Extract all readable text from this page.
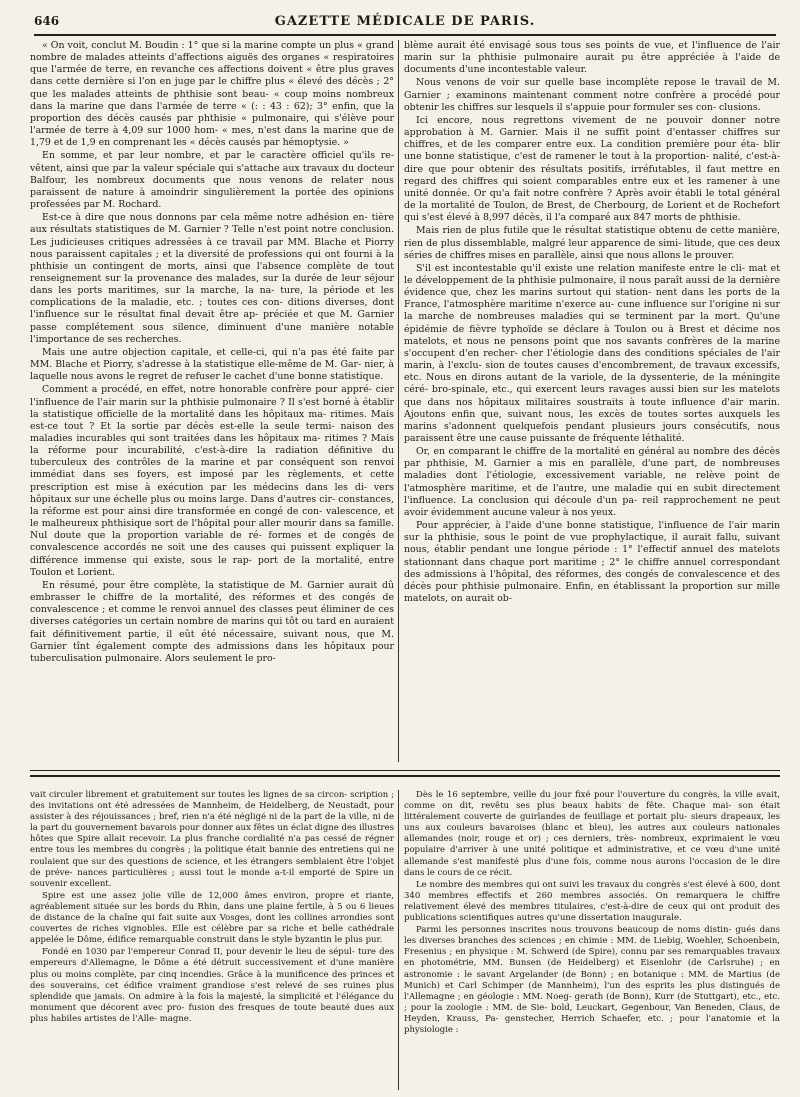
646	GAZETTE MÉDICALE DE PARIS.

« On voit, conclut M. Boudin : 1° que si la marine compte un plus « grand nombre de malades atteints d'affections aiguës des organes « respiratoires que l'armée de terre, en revanche ces affections doivent « être plus graves dans cette dernière si l'on en juge par le chiffre plus « élevé des décès ; 2° que les malades atteints de phthisie sont beau- « coup moins nombreux dans la marine que dans l'armée de terre « (: : 43 : 62); 3° enfin, que la proportion des décès causés par phthisie « pulmonaire, qui s'élève pour l'armée de terre à 4,09 sur 1000 hom- « mes, n'est dans la marine que de 1,79 et de 1,9 en comprenant les « décès causés par hémoptysie. »

En somme, et par leur nombre, et par le caractère officiel qu'ils re- vêtent, ainsi que par la valeur spéciale qui s'attache aux travaux du docteur Balfour, les nombreux documents que nous venons de relater nous paraissent de nature à amoindrir singulièrement la portée des opinions professées par M. Rochard.

Est-ce à dire que nous donnons par cela même notre adhésion en- tière aux résultats statistiques de M. Garnier ? Telle n'est point notre conclusion. Les judicieuses critiques adressées à ce travail par MM. Blache et Piorry nous paraissent capitales ; et la diversité de professions qui ont fourni à la phthisie un contingent de morts, ainsi que l'absence complète de tout renseignement sur la provenance des malades, sur la durée de leur séjour dans les ports maritimes, sur la marche, la na- ture, la période et les complications de la maladie, etc. ; toutes ces con- ditions diverses, dont l'influence sur le résultat final devait être ap- préciée et que M. Garnier passe complétement sous silence, diminuent d'une manière notable l'importance de ses recherches.

Mais une autre objection capitale, et celle-ci, qui n'a pas été faite par MM. Blache et Piorry, s'adresse à la statistique elle-même de M. Gar- nier, à laquelle nous avons le regret de refuser le cachet d'une bonne statistique.

Comment a procédé, en effet, notre honorable confrère pour appré- cier l'influence de l'air marin sur la phthisie pulmonaire ? Il s'est borné à établir la statistique officielle de la mortalité dans les hôpitaux ma- ritimes. Mais est-ce tout ? Et la sortie par décès est-elle la seule termi- naison des maladies incurables qui sont traitées dans les hôpitaux ma- ritimes ? Mais la réforme pour incurabilité, c'est-à-dire la radiation définitive du tuberculeux des contrôles de la marine et par conséquent son renvoi immédiat dans ses foyers, est imposé par les règlements, et cette prescription est mise à exécution par les médecins dans les di- vers hôpitaux sur une échelle plus ou moins large. Dans d'autres cir- constances, la réforme est pour ainsi dire transformée en congé de con- valescence, et le malheureux phthisique sort de l'hôpital pour aller mourir dans sa famille. Nul doute que la proportion variable de ré- formes et de congés de convalescence accordés ne soit une des causes qui puissent expliquer la différence immense qui existe, sous le rap- port de la mortalité, entre Toulon et Lorient.

En résumé, pour être complète, la statistique de M. Garnier aurait dû embrasser le chiffre de la mortalité, des réformes et des congés de convalescence ; et comme le renvoi annuel des classes peut éliminer de ces diverses catégories un certain nombre de marins qui tôt ou tard en auraient fait définitivement partie, il eût été nécessaire, suivant nous, que M. Garnier tînt également compte des admissions dans les hôpitaux pour tuberculisation pulmonaire. Alors seulement le pro-

blème aurait été envisagé sous tous ses points de vue, et l'influence de l'air marin sur la phthisie pulmonaire aurait pu être appréciée à l'aide de documents d'une incontestable valeur.

Nous venons de voir sur quelle base incomplète repose le travail de M. Garnier ; examinons maintenant comment notre confrère a procédé pour obtenir les chiffres sur lesquels il s'appuie pour formuler ses con- clusions.

Ici encore, nous regrettons vivement de ne pouvoir donner notre approbation à M. Garnier. Mais il ne suffit point d'entasser chiffres sur chiffres, et de les comparer entre eux. La condition première pour éta- blir une bonne statistique, c'est de ramener le tout à la proportion- nalité, c'est-à-dire que pour obtenir des résultats positifs, irréfutables, il faut mettre en regard des chiffres qui soient comparables entre eux et les ramener à une unité donnée. Or qu'a fait notre confrère ? Après avoir établi le total général de la mortalité de Toulon, de Brest, de Cherbourg, de Lorient et de Rochefort qui s'est élevé à 8,997 décès, il l'a comparé aux 847 morts de phthisie.

Mais rien de plus futile que le résultat statistique obtenu de cette manière, rien de plus dissemblable, malgré leur apparence de simi- litude, que ces deux séries de chiffres mises en parallèle, ainsi que nous allons le prouver.

S'il est incontestable qu'il existe une relation manifeste entre le cli- mat et le développement de la phthisie pulmonaire, il nous paraît aussi de la dernière évidence que, chez les marins surtout qui station- nent dans les ports de la France, l'atmosphère maritime n'exerce au- cune influence sur l'origine ni sur la marche de nombreuses maladies qui se terminent par la mort. Qu'une épidémie de fièvre typhoïde se déclare à Toulon ou à Brest et décime nos matelots, et nous ne pensons point que nos savants confrères de la marine s'occupent d'en recher- cher l'étiologie dans des conditions spéciales de l'air marin, à l'exclu- sion de toutes causes d'encombrement, de travaux excessifs, etc. Nous en dirons autant de la variole, de la dyssenterie, de la méningite céré- bro-spinale, etc., qui exercent leurs ravages aussi bien sur les matelots que dans nos hôpitaux militaires soustraits à toute influence d'air marin. Ajoutons enfin que, suivant nous, les excès de toutes sortes auxquels les marins s'adonnent quelquefois pendant plusieurs jours consécutifs, nous paraissent être une cause puissante de fréquente léthalité.

Or, en comparant le chiffre de la mortalité en général au nombre des décès par phthisie, M. Garnier a mis en parallèle, d'une part, de nombreuses maladies dont l'étiologie, excessivement variable, ne relève point de l'atmosphère maritime, et de l'autre, une maladie qui en subit directement l'influence. La conclusion qui découle d'un pa- reil rapprochement ne peut avoir évidemment aucune valeur à nos yeux.

Pour apprécier, à l'aide d'une bonne statistique, l'influence de l'air marin sur la phthisie, sous le point de vue prophylactique, il aurait fallu, suivant nous, établir pendant une longue période : 1° l'effectif annuel des matelots stationnant dans chaque port maritime ; 2° le chiffre annuel correspondant des admissions à l'hôpital, des réformes, des congés de convalescence et des décès pour phthisie pulmonaire. Enfin, en établissant la proportion sur mille matelots, on aurait ob-

vait circuler librement et gratuitement sur toutes les lignes de sa circon- scription ; des invitations ont été adressées de Mannheim, de Heidelberg, de Neustadt, pour assister à des réjouissances ; bref, rien n'a été négligé ni de la part de la ville, ni de la part du gouvernement bavarois pour donner aux fêtes un éclat digne des illustres hôtes que Spire allait recevoir. La plus franche cordialité n'a pas cessé de régner entre tous les membres du congrès ; la politique était bannie des entretiens qui ne roulaient que sur des questions de science, et les étrangers semblaient être l'objet de préve- nances particulières ; aussi tout le monde a-t-il emporté de Spire un souvenir excellent.

Spire est une assez jolie ville de 12,000 âmes environ, propre et riante, agréablement située sur les bords du Rhin, dans une plaine fertile, à 5 ou 6 lieues de distance de la chaîne qui fait suite aux Vosges, dont les collines arrondies sont couvertes de riches vignobles. Elle est célèbre par sa riche et belle cathédrale appelée le Dôme, édifice remarquable construit dans le style byzantin le plus pur.

Fondé en 1030 par l'empereur Conrad II, pour devenir le lieu de sépul- ture des empereurs d'Allemagne, le Dôme a été détruit successivement et d'une manière plus ou moins complète, par cinq incendies. Grâce à la munificence des princes et des souverains, cet édifice vraiment grandiose s'est relevé de ses ruines plus splendide que jamais. On admire à la fois la majesté, la simplicité et l'élégance du monument que décorent avec pro- fusion des fresques de toute beauté dues aux plus habiles artistes de l'Alle- magne.

Dès le 16 septembre, veille du jour fixé pour l'ouverture du congrès, la ville avait, comme on dit, revêtu ses plus beaux habits de fête. Chaque mai- son était littéralement couverte de guirlandes de feuillage et portait plu- sieurs drapeaux, les uns aux couleurs bavaroises (blanc et bleu), les autres aux couleurs nationales allemandes (noir, rouge et or) ; ces derniers, très- nombreux, exprimaient le vœu populaire d'arriver à une unité politique et administrative, et ce vœu d'une unité allemande s'est manifesté plus d'une fois, comme nous aurons l'occasion de le dire dans le cours de ce récit.

Le nombre des membres qui ont suivi les travaux du congrès s'est élevé à 600, dont 340 membres effectifs et 260 membres associés. On remarquera le chiffre relativement élevé des membres titulaires, c'est-à-dire de ceux qui ont produit des publications scientifiques autres qu'une dissertation inaugurale.

Parmi les personnes inscrites nous trouvons beaucoup de noms distin- gués dans les diverses branches des sciences ; en chimie : MM. de Liebig, Woehler, Schoenbein, Fresenius ; en physique : M. Schwerd (de Spire), connu par ses remarquables travaux en photométrie, MM. Bunsen (de Heidelberg) et Eisenlohr (de Carlsruhe) ; en astronomie : le savant Argelander (de Bonn) ; en botanique : MM. de Martius (de Munich) et Carl Schimper (de Mannheim), l'un des esprits les plus distingués de l'Allemagne ; en géologie : MM. Noeg- gerath (de Bonn), Kurr (de Stuttgart), etc., etc. ; pour la zoologie : MM. de Sie- bold, Leuckart, Gegenbour, Van Beneden, Claus, de Heyden, Krauss, Pa- genstecher, Herrich Schaefer, etc. ; pour l'anatomie et la physiologie :
